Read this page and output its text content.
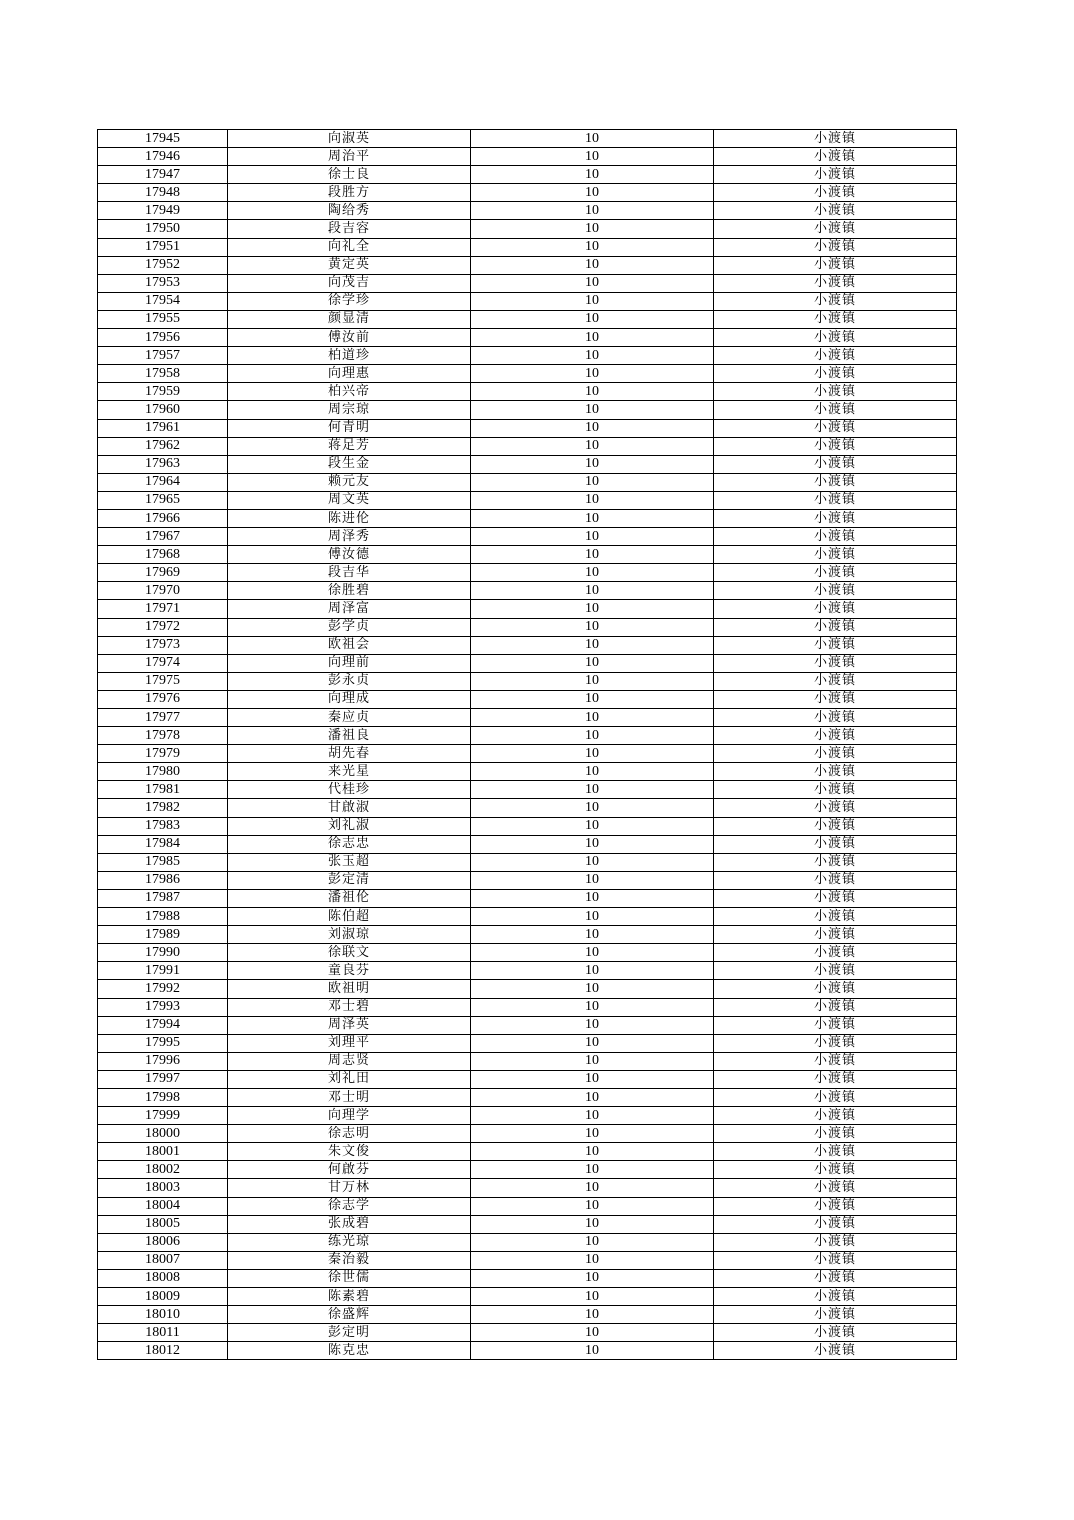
17945	向淑英	10	小渡镇
17946	周治平	10	小渡镇
17947	徐士良	10	小渡镇
17948	段胜方	10	小渡镇
17949	陶给秀	10	小渡镇
17950	段吉容	10	小渡镇
17951	向礼全	10	小渡镇
17952	黄定英	10	小渡镇
17953	向茂吉	10	小渡镇
17954	徐学珍	10	小渡镇
17955	颜显清	10	小渡镇
17956	傅汝前	10	小渡镇
17957	柏道珍	10	小渡镇
17958	向理惠	10	小渡镇
17959	柏兴帝	10	小渡镇
17960	周宗琼	10	小渡镇
17961	何青明	10	小渡镇
17962	蒋足芳	10	小渡镇
17963	段生金	10	小渡镇
17964	赖元友	10	小渡镇
17965	周文英	10	小渡镇
17966	陈进伦	10	小渡镇
17967	周泽秀	10	小渡镇
17968	傅汝德	10	小渡镇
17969	段吉华	10	小渡镇
17970	徐胜碧	10	小渡镇
17971	周泽富	10	小渡镇
17972	彭学贞	10	小渡镇
17973	欧祖会	10	小渡镇
17974	向理前	10	小渡镇
17975	彭永贞	10	小渡镇
17976	向理成	10	小渡镇
17977	秦应贞	10	小渡镇
17978	潘祖良	10	小渡镇
17979	胡先春	10	小渡镇
17980	来光星	10	小渡镇
17981	代桂珍	10	小渡镇
17982	甘啟淑	10	小渡镇
17983	刘礼淑	10	小渡镇
17984	徐志忠	10	小渡镇
17985	张玉超	10	小渡镇
17986	彭定清	10	小渡镇
17987	潘祖伦	10	小渡镇
17988	陈伯超	10	小渡镇
17989	刘淑琼	10	小渡镇
17990	徐联文	10	小渡镇
17991	童良芬	10	小渡镇
17992	欧祖明	10	小渡镇
17993	邓士碧	10	小渡镇
17994	周泽英	10	小渡镇
17995	刘理平	10	小渡镇
17996	周志贤	10	小渡镇
17997	刘礼田	10	小渡镇
17998	邓士明	10	小渡镇
17999	向理学	10	小渡镇
18000	徐志明	10	小渡镇
18001	朱文俊	10	小渡镇
18002	何啟芬	10	小渡镇
18003	甘万林	10	小渡镇
18004	徐志学	10	小渡镇
18005	张成碧	10	小渡镇
18006	练光琼	10	小渡镇
18007	秦治毅	10	小渡镇
18008	徐世儒	10	小渡镇
18009	陈素碧	10	小渡镇
18010	徐盛辉	10	小渡镇
18011	彭定明	10	小渡镇
18012	陈克忠	10	小渡镇
